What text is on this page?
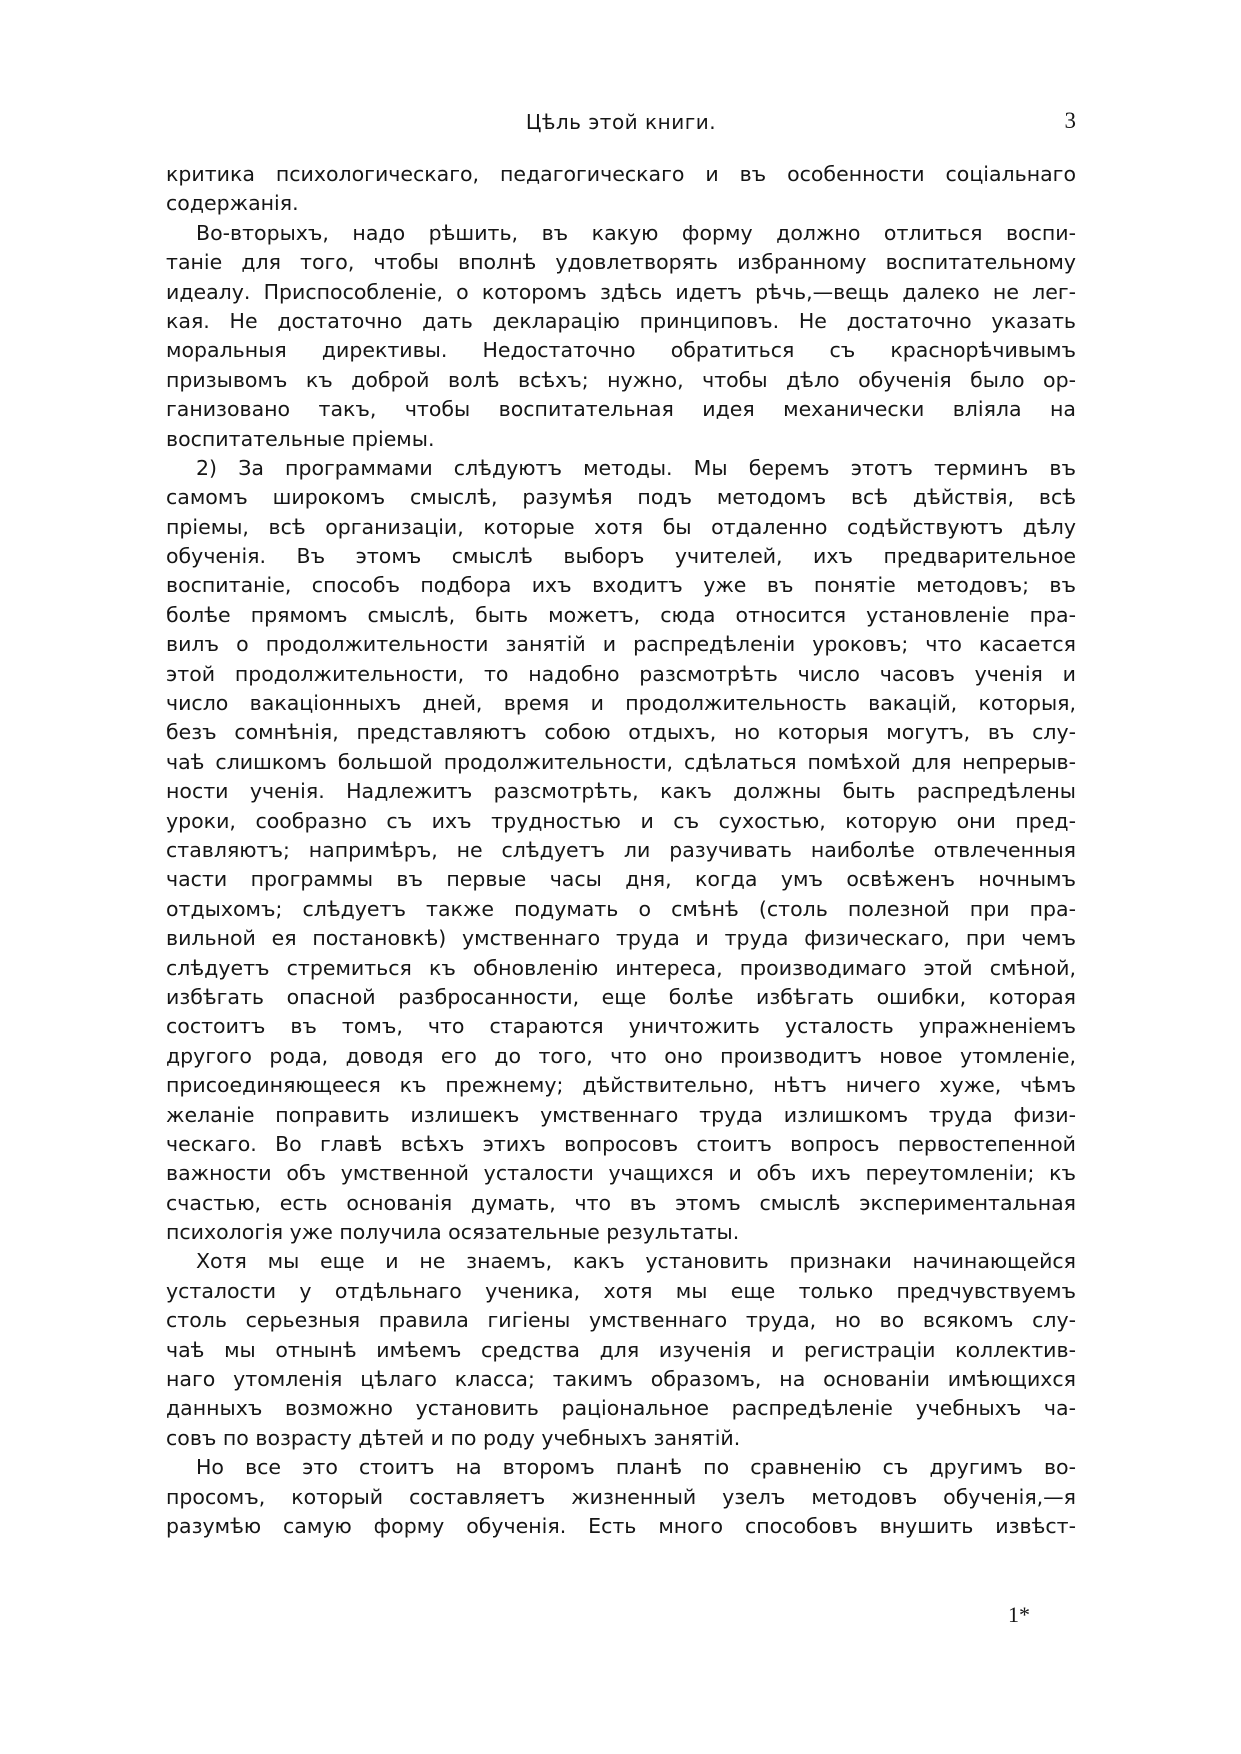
Цѣль этой книги.	3
критика психологическаго, педагогическаго и въ особенности соціальнаго
содержанія.
Во-вторыхъ, надо рѣшить, въ какую форму должно отлиться воспи-
таніе для того, чтобы вполнѣ удовлетворять избранному воспитательному
идеалу. Приспособленіе, о которомъ здѣсь идетъ рѣчь,—вещь далеко не лег-
кая. Не достаточно дать декларацію принциповъ. Не достаточно указать
моральныя директивы. Недостаточно обратиться съ краснорѣчивымъ
призывомъ къ доброй волѣ всѣхъ; нужно, чтобы дѣло обученія было ор-
ганизовано такъ, чтобы воспитательная идея механически вліяла на
воспитательные пріемы.
2) За программами слѣдуютъ методы. Мы беремъ этотъ терминъ въ
самомъ широкомъ смыслѣ, разумѣя подъ методомъ всѣ дѣйствія, всѣ
пріемы, всѣ организаціи, которые хотя бы отдаленно содѣйствуютъ дѣлу
обученія. Въ этомъ смыслѣ выборъ учителей, ихъ предварительное
воспитаніе, способъ подбора ихъ входитъ уже въ понятіе методовъ; въ
болѣе прямомъ смыслѣ, быть можетъ, сюда относится установленіе пра-
вилъ о продолжительности занятій и распредѣленіи уроковъ; что касается
этой продолжительности, то надобно разсмотрѣть число часовъ ученія и
число вакаціонныхъ дней, время и продолжительность вакацій, которыя,
безъ сомнѣнія, представляютъ собою отдыхъ, но которыя могутъ, въ слу-
чаѣ слишкомъ большой продолжительности, сдѣлаться помѣхой для непрерыв-
ности ученія. Надлежитъ разсмотрѣть, какъ должны быть распредѣлены
уроки, сообразно съ ихъ трудностью и съ сухостью, которую они пред-
ставляютъ; напримѣръ, не слѣдуетъ ли разучивать наиболѣе отвлеченныя
части программы въ первые часы дня, когда умъ освѣженъ ночнымъ
отдыхомъ; слѣдуетъ также подумать о смѣнѣ (столь полезной при пра-
вильной ея постановкѣ) умственнаго труда и труда физическаго, при чемъ
слѣдуетъ стремиться къ обновленію интереса, производимаго этой смѣной,
избѣгать опасной разбросанности, еще болѣе избѣгать ошибки, которая
состоитъ въ томъ, что стараются уничтожить усталость упражненіемъ
другого рода, доводя его до того, что оно производитъ новое утомленіе,
присоединяющееся къ прежнему; дѣйствительно, нѣтъ ничего хуже, чѣмъ
желаніе поправить излишекъ умственнаго труда излишкомъ труда физи-
ческаго. Во главѣ всѣхъ этихъ вопросовъ стоитъ вопросъ первостепенной
важности объ умственной усталости учащихся и объ ихъ переутомленіи; къ
счастью, есть основанія думать, что въ этомъ смыслѣ экспериментальная
психологія уже получила осязательные результаты.
Хотя мы еще и не знаемъ, какъ установить признаки начинающейся
усталости у отдѣльнаго ученика, хотя мы еще только предчувствуемъ
столь серьезныя правила гигіены умственнаго труда, но во всякомъ слу-
чаѣ мы отнынѣ имѣемъ средства для изученія и регистраціи коллектив-
наго утомленія цѣлаго класса; такимъ образомъ, на основаніи имѣющихся
данныхъ возможно установить раціональное распредѣленіе учебныхъ ча-
совъ по возрасту дѣтей и по роду учебныхъ занятій.
Но все это стоитъ на второмъ планѣ по сравненію съ другимъ во-
просомъ, который составляетъ жизненный узелъ методовъ обученія,—я
разумѣю самую форму обученія. Есть много способовъ внушить извѣст-
1*
